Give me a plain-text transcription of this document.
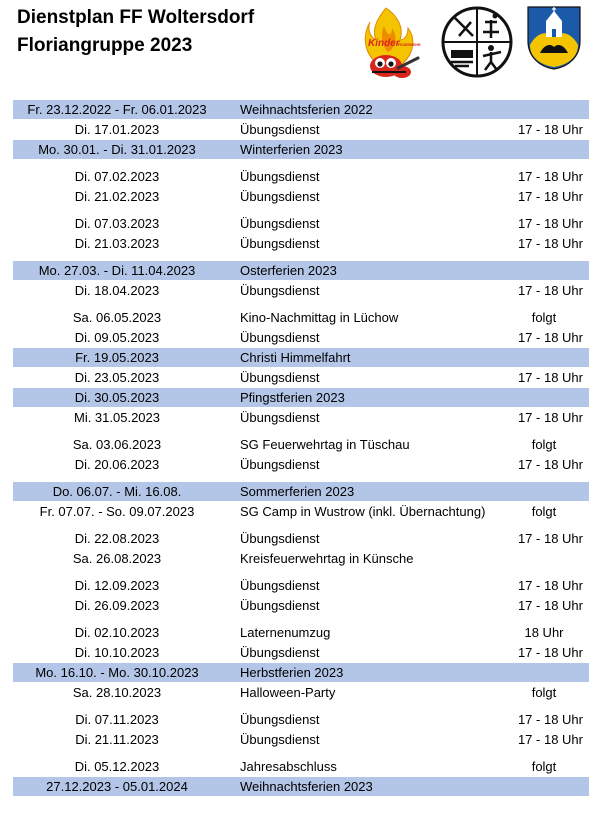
Dienstplan FF Woltersdorf
Floriangruppe 2023	Kinder
FEUERWEHR
Fr. 23.12.2022 - Fr. 06.01.2023	Weihnachtsferien 2022
Di. 17.01.2023	Übungsdienst	17 - 18 Uhr
Mo. 30.01. - Di. 31.01.2023	Winterferien 2023
Di. 07.02.2023	Übungsdienst	17 - 18 Uhr
Di. 21.02.2023	Übungsdienst	17 - 18 Uhr
Di. 07.03.2023	Übungsdienst	17 - 18 Uhr
Di. 21.03.2023	Übungsdienst	17 - 18 Uhr
Mo. 27.03. - Di. 11.04.2023	Osterferien 2023
Di. 18.04.2023	Übungsdienst	17 - 18 Uhr
Sa. 06.05.2023	Kino-Nachmittag in Lüchow	folgt
Di. 09.05.2023	Übungsdienst	17 - 18 Uhr
Fr. 19.05.2023	Christi Himmelfahrt
Di. 23.05.2023	Übungsdienst	17 - 18 Uhr
Di. 30.05.2023	Pfingstferien 2023
Mi. 31.05.2023	Übungsdienst	17 - 18 Uhr
Sa. 03.06.2023	SG Feuerwehrtag in Tüschau	folgt
Di. 20.06.2023	Übungsdienst	17 - 18 Uhr
Do. 06.07. - Mi. 16.08.	Sommerferien 2023
Fr. 07.07. - So. 09.07.2023	SG Camp in Wustrow (inkl. Übernachtung)	folgt
Di. 22.08.2023	Übungsdienst	17 - 18 Uhr
Sa. 26.08.2023	Kreisfeuerwehrtag in Künsche
Di. 12.09.2023	Übungsdienst	17 - 18 Uhr
Di. 26.09.2023	Übungsdienst	17 - 18 Uhr
Di. 02.10.2023	Laternenumzug	18 Uhr
Di. 10.10.2023	Übungsdienst	17 - 18 Uhr
Mo. 16.10. - Mo. 30.10.2023	Herbstferien 2023
Sa. 28.10.2023	Halloween-Party	folgt
Di. 07.11.2023	Übungsdienst	17 - 18 Uhr
Di. 21.11.2023	Übungsdienst	17 - 18 Uhr
Di. 05.12.2023	Jahresabschluss	folgt
27.12.2023 - 05.01.2024	Weihnachtsferien 2023
